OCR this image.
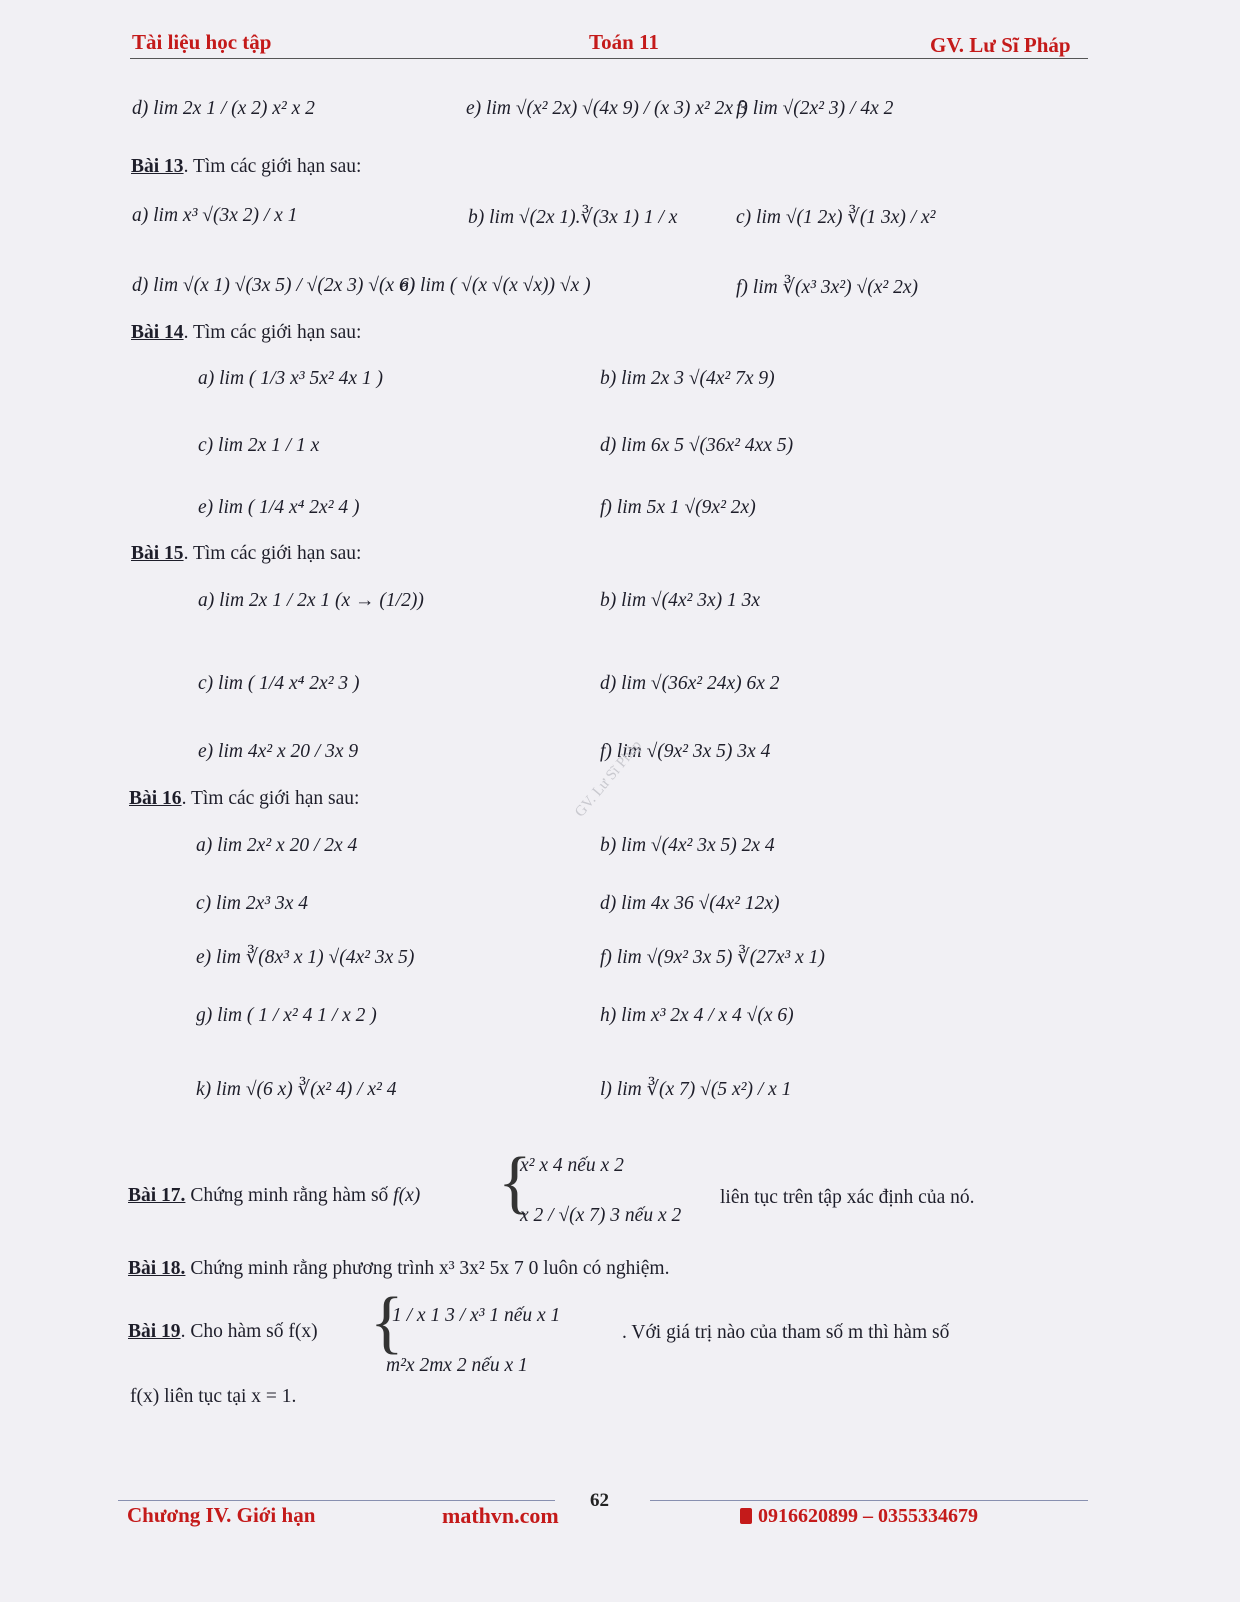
Tài liệu học tập	Toán 11	GV. Lư Sĩ Pháp
d) lim 2x 1 / (x 2) x² x 2	e) lim √(x² 2x) √(4x 9) / (x 3) x² 2x 3
f) lim √(2x² 3) / 4x 2
Bài 13. Tìm các giới hạn sau:
a) lim x³ √(3x 2) / x 1	b) lim √(2x 1).∛(3x 1) 1 / x	c) lim √(1 2x) ∛(1 3x) / x²
d) lim √(x 1) √(3x 5) / √(2x 3) √(x 6)
e) lim ( √(x √(x √x)) √x )	f) lim ∛(x³ 3x²) √(x² 2x)
Bài 14. Tìm các giới hạn sau:
a) lim ( 1/3 x³ 5x² 4x 1 )	b) lim 2x 3 √(4x² 7x 9)
c) lim 2x 1 / 1 x	d) lim 6x 5 √(36x² 4xx 5)
e) lim ( 1/4 x⁴ 2x² 4 )	f) lim 5x 1 √(9x² 2x)
Bài 15. Tìm các giới hạn sau:
a) lim 2x 1 / 2x 1 (x → (1/2))	b) lim √(4x² 3x) 1 3x
c) lim ( 1/4 x⁴ 2x² 3 )	d) lim √(36x² 24x) 6x 2
e) lim 4x² x 20 / 3x 9	f) lim √(9x² 3x 5) 3x 4
Bài 16. Tìm các giới hạn sau:
a) lim 2x² x 20 / 2x 4	b) lim √(4x² 3x 5) 2x 4
c) lim 2x³ 3x 4	d) lim 4x 36 √(4x² 12x)
e) lim ∛(8x³ x 1) √(4x² 3x 5)	f) lim √(9x² 3x 5) ∛(27x³ x 1)
g) lim ( 1 / x² 4 1 / x 2 )	h) lim x³ 2x 4 / x 4 √(x 6)
k) lim √(6 x) ∛(x² 4) / x² 4	l) lim ∛(x 7) √(5 x²) / x 1
Bài 17. Chứng minh rằng hàm số f(x) {
x² x 4 nếu x 2
x 2 / √(x 7) 3 nếu x 2
liên tục trên tập xác định của nó.
Bài 18. Chứng minh rằng phương trình x³ 3x² 5x 7 0 luôn có nghiệm.
Bài 19. Cho hàm số f(x) {
1 / x 1 3 / x³ 1 nếu x 1
m²x 2mx 2 nếu x 1
. Với giá trị nào của tham số m thì hàm số
f(x) liên tục tại x = 1.
GV. Lư Sĩ Pháp
Chương IV. Giới hạn	mathvn.com
62
0916620899 – 0355334679
